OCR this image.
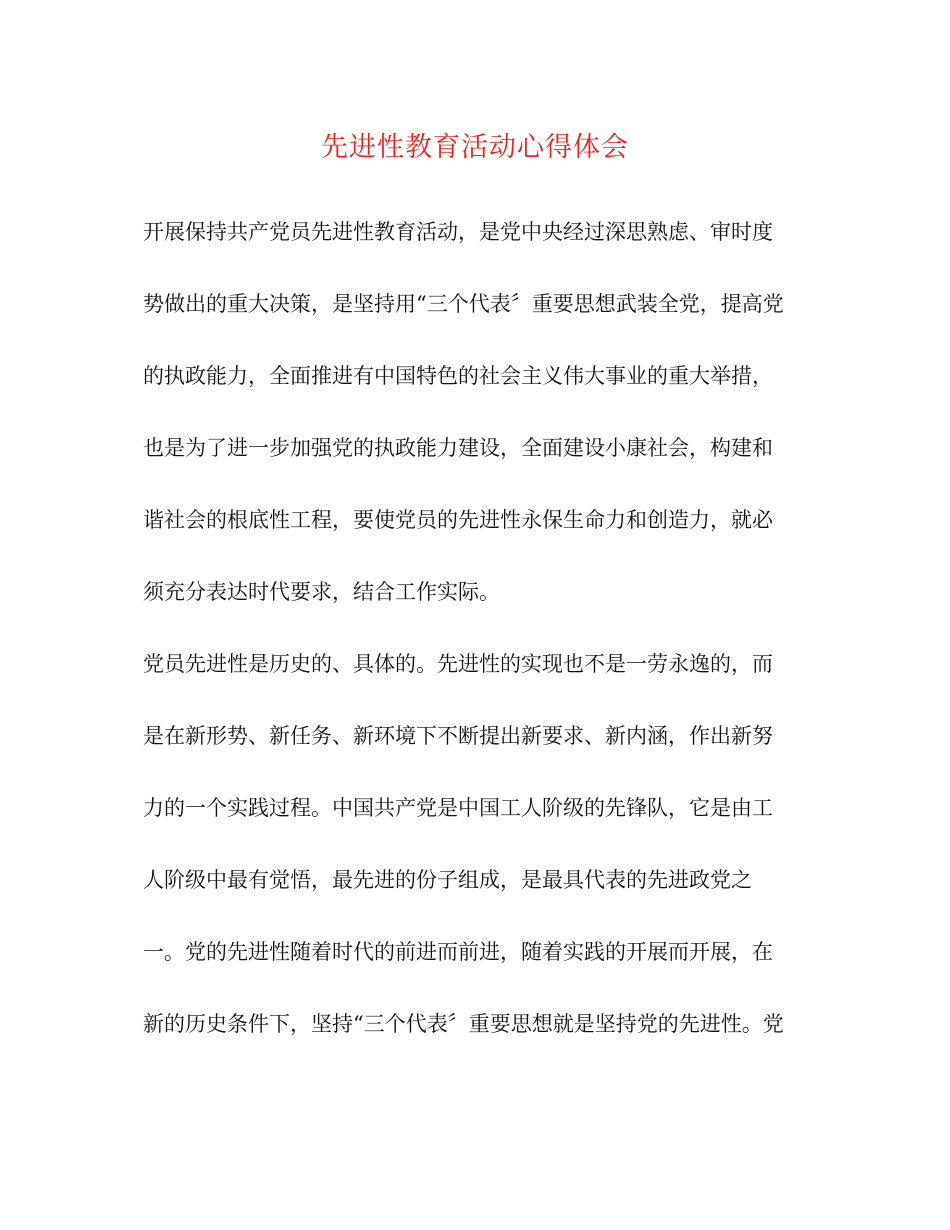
先进性教育活动心得体会
开展保持共产党员先进性教育活动，是党中央经过深思熟虑、审时度
势做出的重大决策，是坚持用“三个代表〞重要思想武装全党，提高党
的执政能力，全面推进有中国特色的社会主义伟大事业的重大举措，
也是为了进一步加强党的执政能力建设，全面建设小康社会，构建和
谐社会的根底性工程，要使党员的先进性永保生命力和创造力，就必
须充分表达时代要求，结合工作实际。
党员先进性是历史的、具体的。先进性的实现也不是一劳永逸的，而
是在新形势、新任务、新环境下不断提出新要求、新内涵，作出新努
力的一个实践过程。中国共产党是中国工人阶级的先锋队，它是由工
人阶级中最有觉悟，最先进的份子组成，是最具代表的先进政党之
一。党的先进性随着时代的前进而前进，随着实践的开展而开展，在
新的历史条件下，坚持“三个代表〞重要思想就是坚持党的先进性。党
